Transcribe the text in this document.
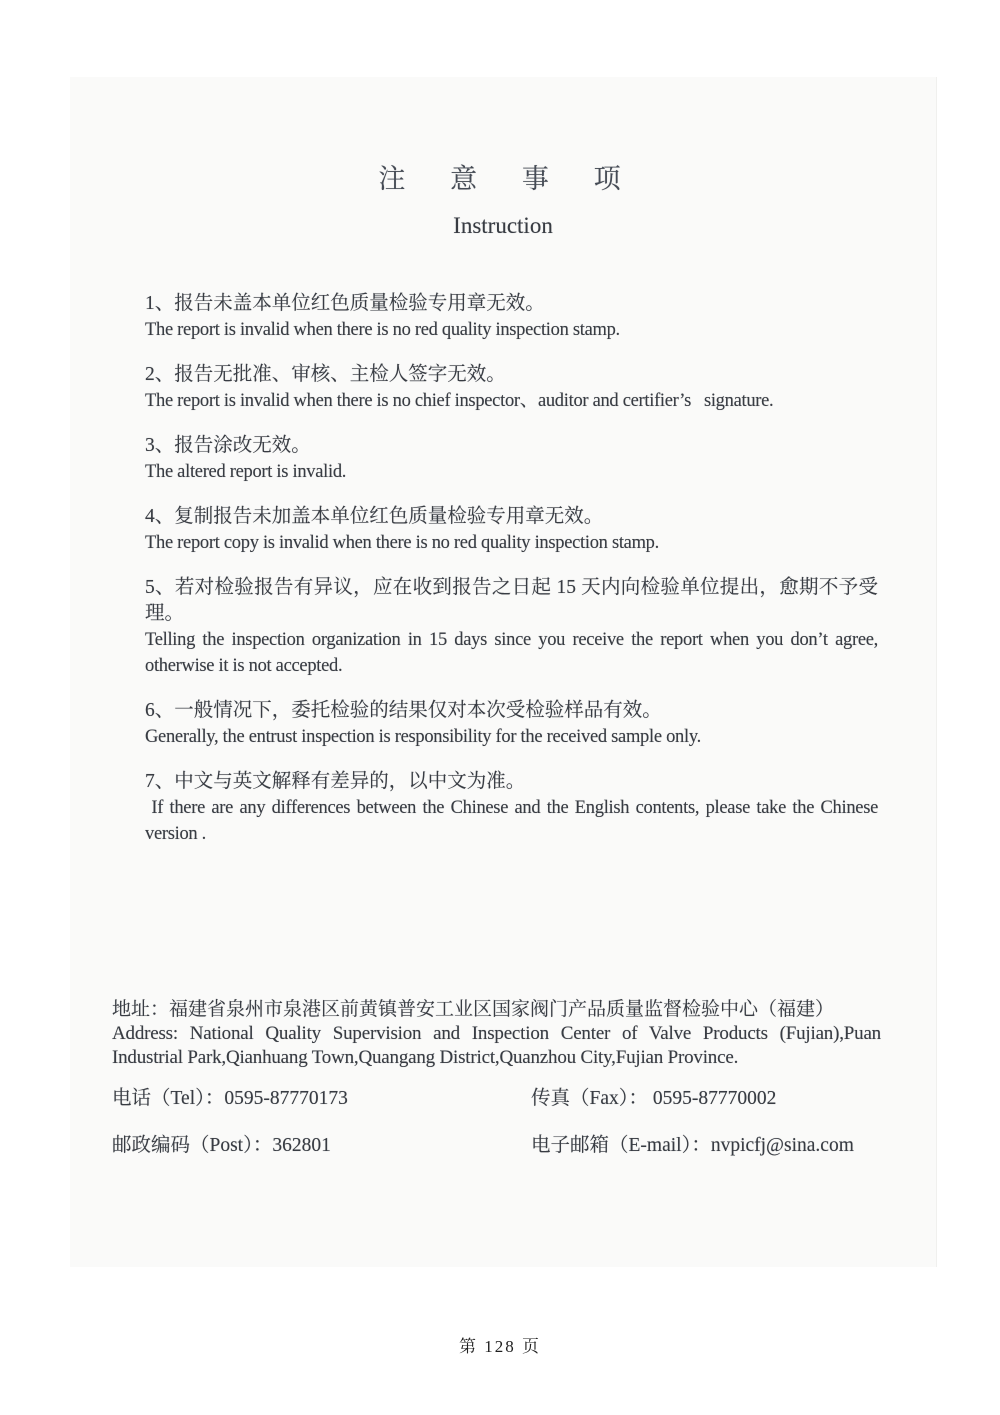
注 意 事 项
Instruction
1、报告未盖本单位红色质量检验专用章无效。
The report is invalid when there is no red quality inspection stamp.
2、报告无批准、审核、主检人签字无效。
The report is invalid when there is no chief inspector、auditor and certifier’s   signature.
3、报告涂改无效。
The altered report is invalid.
4、复制报告未加盖本单位红色质量检验专用章无效。
The report copy is invalid when there is no red quality inspection stamp.
5、若对检验报告有异议，应在收到报告之日起 15 天内向检验单位提出，愈期不予受理。
Telling the inspection organization in 15 days since you receive the report when you don’t agree, otherwise it is not accepted.
6、一般情况下，委托检验的结果仅对本次受检验样品有效。
Generally, the entrust inspection is responsibility for the received sample only.
7、中文与英文解释有差异的，以中文为准。
If there are any differences between the Chinese and the English contents, please take the Chinese version .
地址：福建省泉州市泉港区前黄镇普安工业区国家阀门产品质量监督检验中心（福建）
Address: National Quality Supervision and Inspection Center of Valve Products (Fujian),Puan Industrial Park,Qianhuang Town,Quangang District,Quanzhou City,Fujian Province.
电话（Tel）：0595-87770173	传真（Fax）： 0595-87770002
邮政编码（Post）：362801	电子邮箱（E-mail）：nvpicfj@sina.com
第 128 页
